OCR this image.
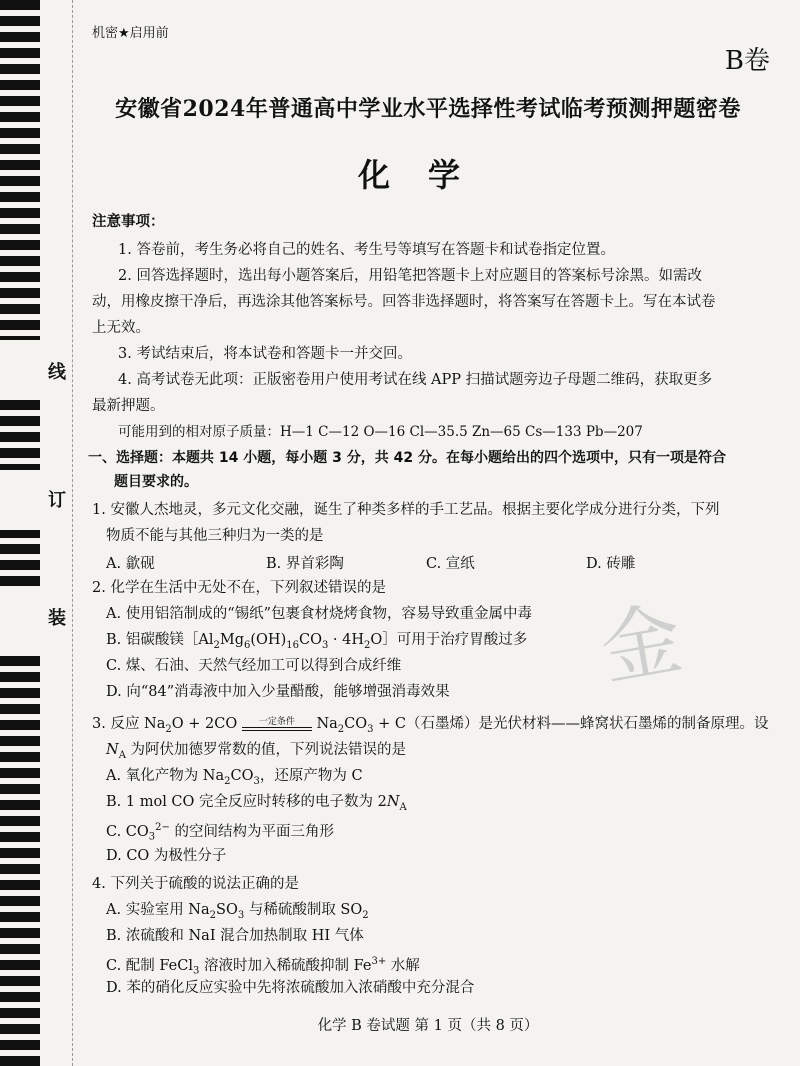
线
订
装	金
机密★启用前
B卷
安徽省2024年普通高中学业水平选择性考试临考预测押题密卷
化学
注意事项：
1. 答卷前，考生务必将自己的姓名、考生号等填写在答题卡和试卷指定位置。
2. 回答选择题时，选出每小题答案后，用铅笔把答题卡上对应题目的答案标号涂黑。如需改
动，用橡皮擦干净后，再选涂其他答案标号。回答非选择题时，将答案写在答题卡上。写在本试卷
上无效。
3. 考试结束后，将本试卷和答题卡一并交回。
4. 高考试卷无此项：正版密卷用户使用考试在线 APP 扫描试题旁边子母题二维码，获取更多
最新押题。
可能用到的相对原子质量：H—1 C—12 O—16 Cl—35.5 Zn—65 Cs—133 Pb—207
一、选择题：本题共 14 小题，每小题 3 分，共 42 分。在每小题给出的四个选项中，只有一项是符合
题目要求的。
1. 安徽人杰地灵，多元文化交融，诞生了种类多样的手工艺品。根据主要化学成分进行分类，下列
物质不能与其他三种归为一类的是
A. 歙砚	B. 界首彩陶	C. 宣纸	D. 砖雕
2. 化学在生活中无处不在，下列叙述错误的是
A. 使用铝箔制成的“锡纸”包裹食材烧烤食物，容易导致重金属中毒
B. 铝碳酸镁$[Al_2Mg_6(OH)_{16}CO_3$ · $4H_2O]$可用于治疗胃酸过多
C. 煤、石油、天然气经加工可以得到合成纤维
D. 向“84”消毒液中加入少量醋酸，能够增强消毒效果
3. 反应 $Na_2O + 2CO$	一定条件	$Na_2CO_3 + C$（石墨烯）是光伏材料——蜂窝状石墨烯的制备原理。设
$N_A$ 为阿伏加德罗常数的值，下列说法错误的是
A. 氧化产物为 $Na_2CO_3$，还原产物为 C
B. 1 mol CO 完全反应时转移的电子数为 $2N_A$
C. $CO_3^{2-}$ 的空间结构为平面三角形
D. CO 为极性分子
4. 下列关于硫酸的说法正确的是
A. 实验室用 $Na_2SO_3$ 与稀硫酸制取 $SO_2$
B. 浓硫酸和 NaI 混合加热制取 HI 气体
C. 配制 FeCl$_3$ 溶液时加入稀硫酸抑制 $Fe^{3+}$ 水解
D. 苯的硝化反应实验中先将浓硫酸加入浓硝酸中充分混合
化学 B 卷试题 第 1 页（共 8 页）
